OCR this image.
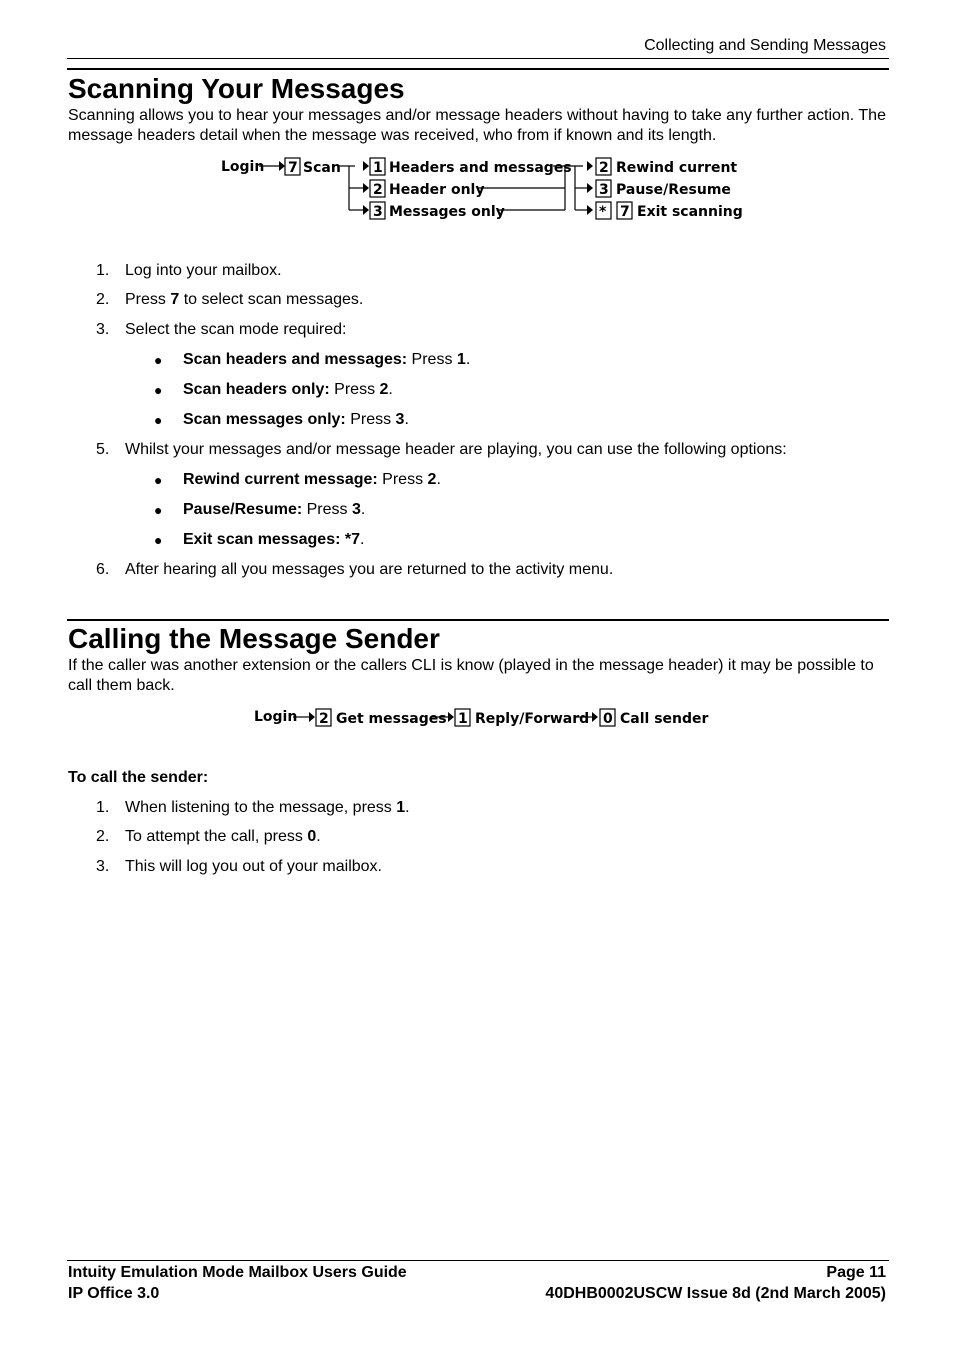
Collecting and Sending Messages
Scanning Your Messages
Scanning allows you to hear your messages and/or message headers without having to take any further action. The message headers detail when the message was received, who from if known and its length.
Login 7 Scan 1 Headers and messages
2 Header only
3 Messages only
2 Rewind current
3 Pause/Resume
* 7 Exit scanning
1. Log into your mailbox.
2. Press 7 to select scan messages.
3. Select the scan mode required:
● Scan headers and messages: Press 1.
● Scan headers only: Press 2.
● Scan messages only: Press 3.
5. Whilst your messages and/or message header are playing, you can use the following options:
● Rewind current message: Press 2.
● Pause/Resume: Press 3.
● Exit scan messages: *7.
6. After hearing all you messages you are returned to the activity menu.
Calling the Message Sender
If the caller was another extension or the callers CLI is know (played in the message header) it may be possible to call them back.
Login 2 Get messages 1 Reply/Forward 0 Call sender
To call the sender:
1. When listening to the message, press 1.
2. To attempt the call, press 0.
3. This will log you out of your mailbox.
Intuity Emulation Mode Mailbox Users Guide
IP Office 3.0
Page 11
40DHB0002USCW Issue 8d (2nd March 2005)
